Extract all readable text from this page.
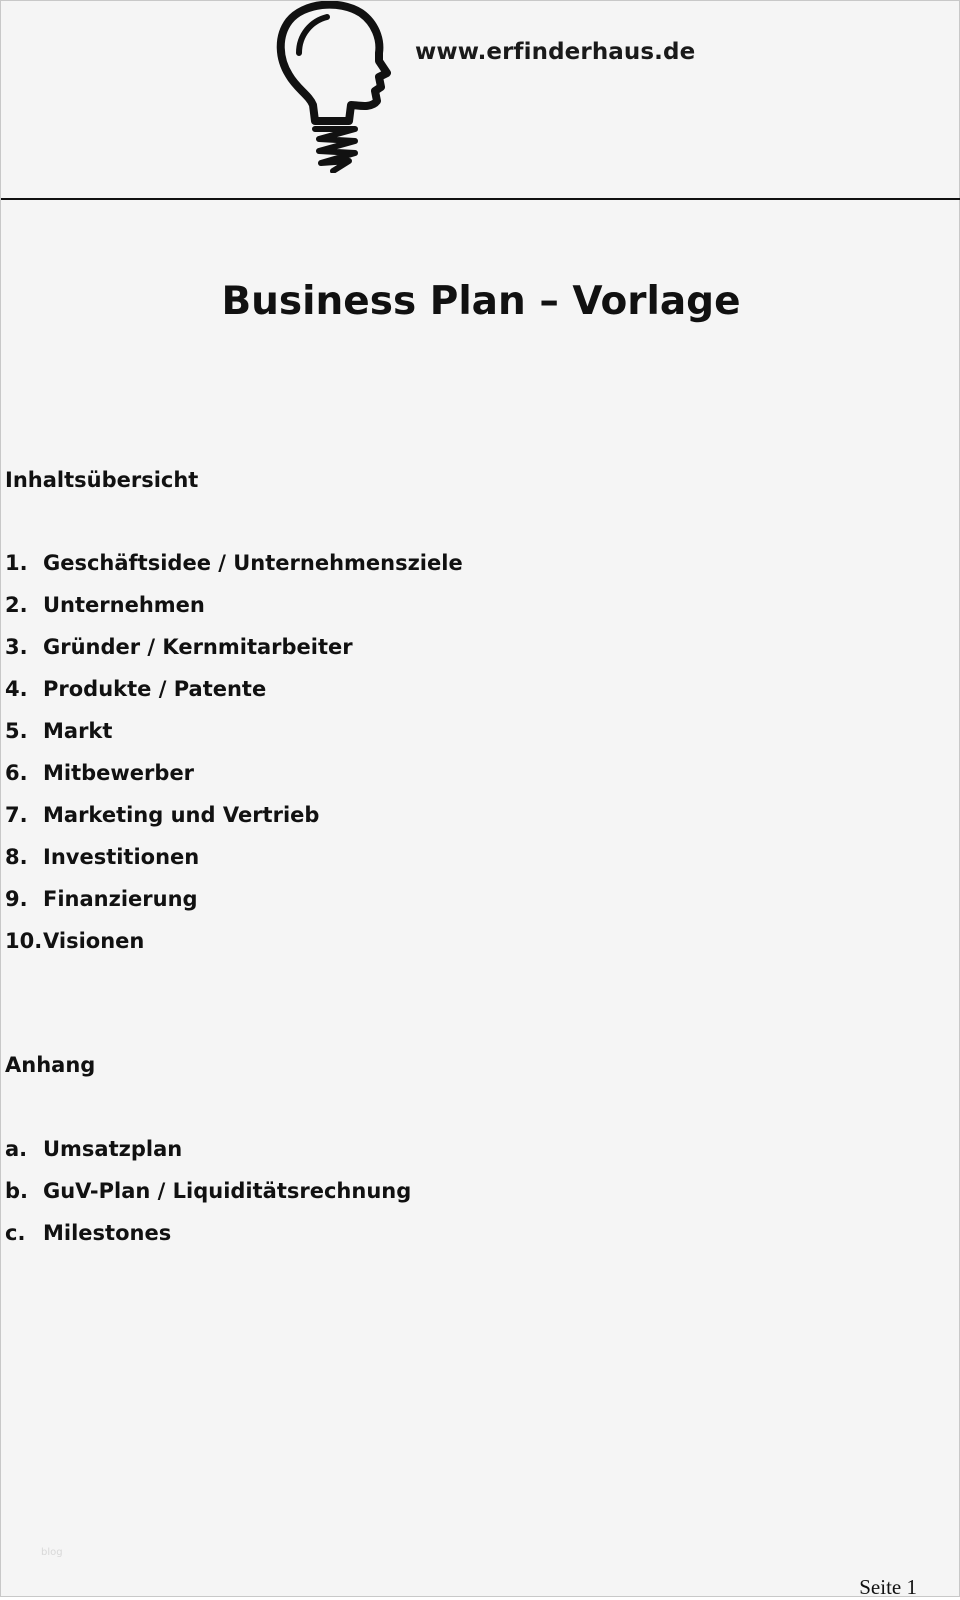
www.erfinderhaus.de
Business Plan – Vorlage
Inhaltsübersicht
1. Geschäftsidee / Unternehmensziele
2. Unternehmen
3. Gründer / Kernmitarbeiter
4. Produkte / Patente
5. Markt
6. Mitbewerber
7. Marketing und Vertrieb
8. Investitionen
9. Finanzierung
10. Visionen
Anhang
a. Umsatzplan
b. GuV-Plan / Liquiditätsrechnung
c. Milestones
blog
Seite 1
